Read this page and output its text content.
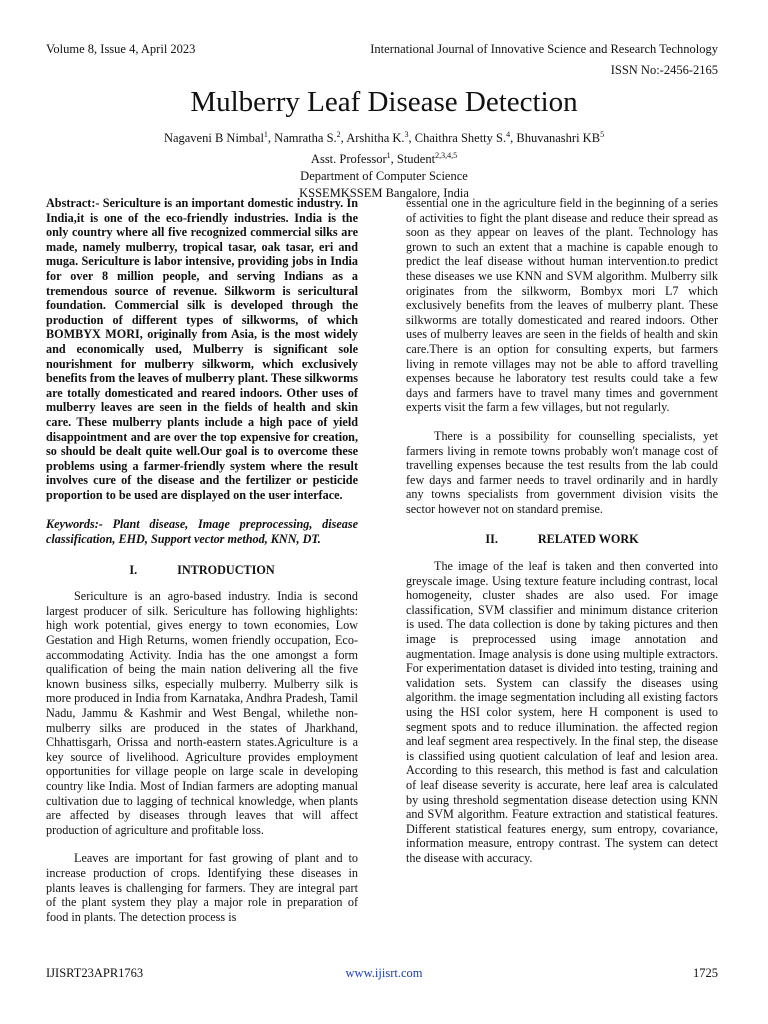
Volume 8, Issue 4, April 2023	International Journal of Innovative Science and Research Technology
ISSN No:-2456-2165
Mulberry Leaf Disease Detection
Nagaveni B Nimbal$^1$, Namratha S.$^2$, Arshitha K.$^3$, Chaithra Shetty S.$^4$, Bhuvanashri $KB^5$
Asst. Professor$^1$, Student$^{2,3,4,5}$
Department of Computer Science
KSSEMKSSEM Bangalore, India

Abstract:- Sericulture is an important domestic industry. In India,it is one of the eco-friendly industries. India is the only country where all five recognized commercial silks are made, namely mulberry, tropical tasar, oak tasar, eri and muga. Sericulture is labor intensive, providing jobs in India for over 8 million people, and serving Indians as a tremendous source of revenue. Silkworm is sericultural foundation. Commercial silk is developed through the production of different types of silkworms, of which BOMBYX MORI, originally from Asia, is the most widely and economically used, Mulberry is significant sole nourishment for mulberry silkworm, which exclusively benefits from the leaves of mulberry plant. These silkworms are totally domesticated and reared indoors. Other uses of mulberry leaves are seen in the fields of health and skin care. These mulberry plants include a high pace of yield disappointment and are over the top expensive for creation, so should be dealt quite well.Our goal is to overcome these problems using a farmer-friendly system where the result involves cure of the disease and the fertilizer or pesticide proportion to be used are displayed on the user interface.

Keywords:- Plant disease, Image preprocessing, disease classification, EHD, Support vector method, KNN, DT.

I.	INTRODUCTION

Sericulture is an agro-based industry. India is second largest producer of silk. Sericulture has following highlights: high work potential, gives energy to town economies, Low Gestation and High Returns, women friendly occupation, Eco-accommodating Activity. India has the one amongst a form qualification of being the main nation delivering all the five known business silks, especially mulberry. Mulberry silk is more produced in India from Karnataka, Andhra Pradesh, Tamil Nadu, Jammu & Kashmir and West Bengal, whilethe non-mulberry silks are produced in the states of Jharkhand, Chhattisgarh, Orissa and north-eastern states.Agriculture is a key source of livelihood. Agriculture provides employment opportunities for village people on large scale in developing country like India. Most of Indian farmers are adopting manual cultivation due to lagging of technical knowledge, when plants are affected by diseases through leaves that will affect production of agriculture and profitable loss.

Leaves are important for fast growing of plant and to increase production of crops. Identifying these diseases in plants leaves is challenging for farmers. They are integral part of the plant system they play a major role in preparation of food in plants. The detection process is

essential one in the agriculture field in the beginning of a series of activities to fight the plant disease and reduce their spread as soon as they appear on leaves of the plant. Technology has grown to such an extent that a machine is capable enough to predict the leaf disease without human intervention.to predict these diseases we use KNN and SVM algorithm. Mulberry silk originates from the silkworm, Bombyx mori L7 which exclusively benefits from the leaves of mulberry plant. These silkworms are totally domesticated and reared indoors. Other uses of mulberry leaves are seen in the fields of health and skin care.There is an option for consulting experts, but farmers living in remote villages may not be able to afford travelling expenses because he laboratory test results could take a few days and farmers have to travel many times and government experts visit the farm a few villages, but not regularly.

There is a possibility for counselling specialists, yet farmers living in remote towns probably won't manage cost of travelling expenses because the test results from the lab could few days and farmer needs to travel ordinarily and in hardly any towns specialists from government division visits the sector however not on standard premise.

II.	RELATED WORK

The image of the leaf is taken and then converted into greyscale image. Using texture feature including contrast, local homogeneity, cluster shades are also used. For image classification, SVM classifier and minimum distance criterion is used. The data collection is done by taking pictures and then image is preprocessed using image annotation and augmentation. Image analysis is done using multiple extractors. For experimentation dataset is divided into testing, training and validation sets. System can classify the diseases using algorithm. the image segmentation including all existing factors using the HSI color system, here H component is used to segment spots and to reduce illumination. the affected region and leaf segment area respectively. In the final step, the disease is classified using quotient calculation of leaf and lesion area. According to this research, this method is fast and calculation of leaf disease severity is accurate, here leaf area is calculated by using threshold segmentation disease detection using KNN and SVM algorithm. Feature extraction and statistical features. Different statistical features energy, sum entropy, covariance, information measure, entropy contrast. The system can detect the disease with accuracy.

IJISRT23APR1763	www.ijisrt.com	1725
